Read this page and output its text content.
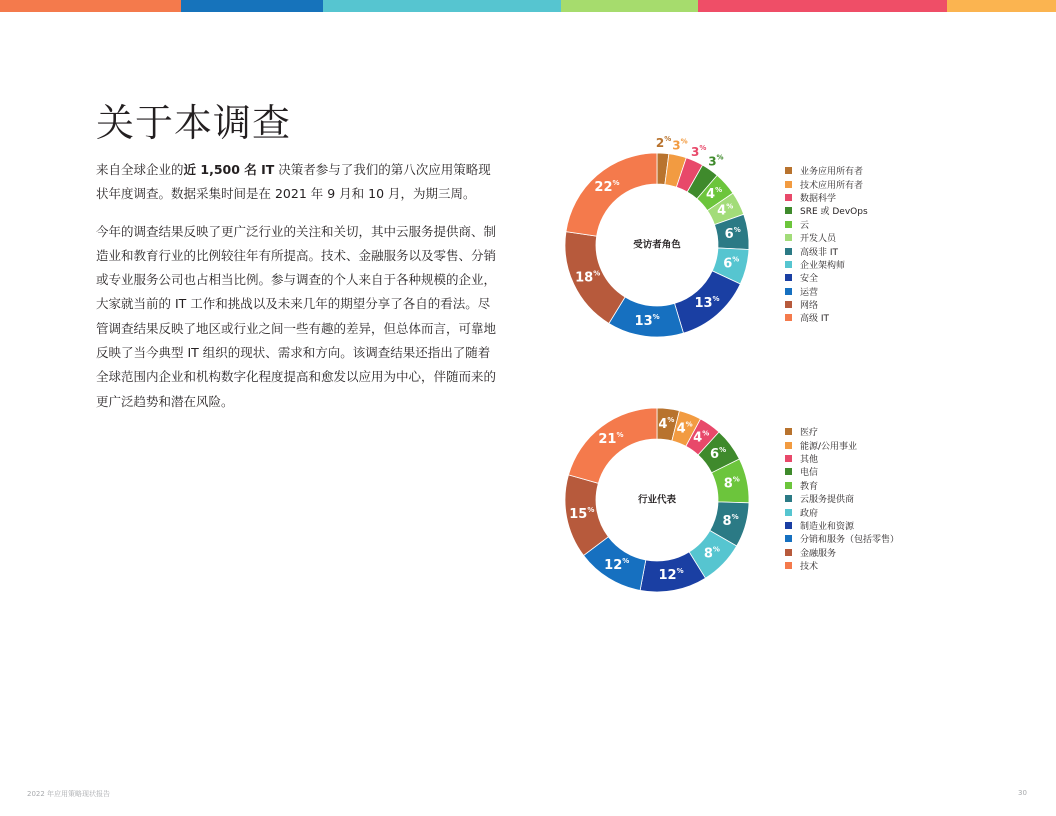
关于本调查

来自全球企业的近 1,500 名 IT 决策者参与了我们的第八次应用策略现状年度调查。数据采集时间是在 2021 年 9 月和 10 月，为期三周。

今年的调查结果反映了更广泛行业的关注和关切，其中云服务提供商、制造业和教育行业的比例较往年有所提高。技术、金融服务以及零售、分销或专业服务公司也占相当比例。参与调查的个人来自于各种规模的企业，大家就当前的 IT 工作和挑战以及未来几年的期望分享了各自的看法。尽管调查结果反映了地区或行业之间一些有趣的差异，但总体而言，可靠地反映了当今典型 IT 组织的现状、需求和方向。该调查结果还指出了随着全球范围内企业和机构数字化程度提高和愈发以应用为中心，伴随而来的更广泛趋势和潜在风险。

2% 3%
3%
3%
4%
4%
6%
6%
13%
13%
18%
22%
受访者角色
业务应用所有者
技术应用所有者
数据科学
SRE 或 DevOps
云
开发人员
高级非 IT
企业架构师
安全
运营
网络
高级 IT
4%
4%
4%
6%
8%
8%
8%
12%
12%
15%
21%
行业代表
医疗
能源/公用事业
其他
电信
教育
云服务提供商
政府
制造业和资源
分销和服务（包括零售）
金融服务
技术
2022 年应用策略现状报告	30
